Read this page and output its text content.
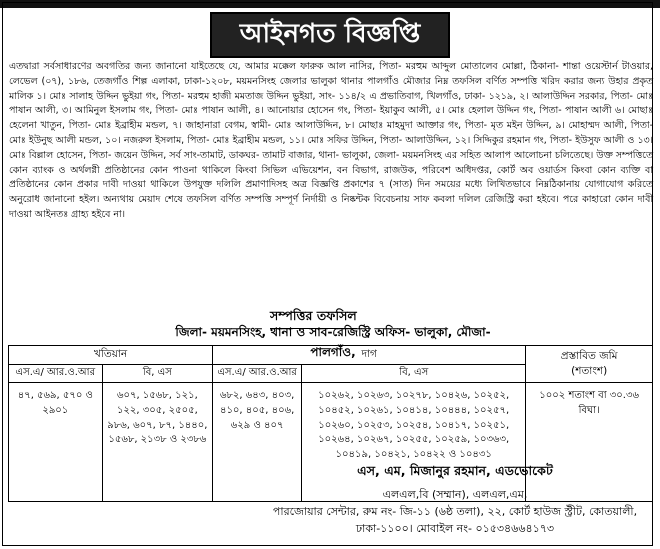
আইনগত বিজ্ঞপ্তি
এতদ্বারা সর্বসাধারণের অবগতির জন্য জানানো যাইতেছে যে, আমার মক্কেল ফারুক আল নাসির, পিতা- মরহুম আব্দুল মোতালেব মোল্লা, ঠিকানা- শান্তা ওয়েস্টার্ন টাওয়ার, লেভেল (০৭), ১৮৬, তেজগাঁও শিল্প এলাকা, ঢাকা-১২০৮, ময়মনসিংহ জেলার ভালুকা থানার পালগাঁও মৌজার নিম্ন তফসিল বর্ণিত সম্পত্তি খরিদ করার জন্য উহার প্রকৃত মালিক ১। মোঃ সালাহ উদ্দিন ভুইয়া গং, পিতা- মরহুম হাজী মমতাজ উদ্দিন ভুইয়া, সাং- ১১৪/২ এ প্রভাতিবাগ, খিলগাঁও, ঢাকা- ১২১৯, ২। আলাউদ্দিন সরকার, পিতা- মোঃ পাষান আলী, ৩। আমিনুল ইসলাম গং, পিতা- মোঃ পাষান আলী, ৪। আনোয়ার হোসেন গং, পিতা- ইয়াকুব আলী, ৫। মোঃ হেলাল উদ্দিন গং, পিতা- পাষান আলী ৬। মোছাঃ হেলেনা খাতুন, পিতা- মোঃ ইব্রাহীম মন্ডল, ৭। জাহানারা বেগম, স্বামী- মোঃ আলাউদ্দিন, ৮। মোছাঃ মাহমুদা আক্তার গং, পিতা- মৃত মইন উদ্দিন, ৯। মোহাম্মদ আলী, পিতা- মোঃ ইউনুছ আলী মন্ডল, ১০। নজরুল ইসলাম, পিতা- মোঃ ইব্রাহীম মন্ডল, ১১। মোঃ সফির উদ্দিন, পিতা- আলাউদ্দিন, ১২। সিদ্দিকুর রহমান গং, পিতা- ইউসুফ আলী ও ১৩। মোঃ বিল্লাল হোসেন, পিতা- জয়েন উদ্দিন, সর্ব সাং-তামাট, ডাকঘর- তামাট বাজার, থানা- ভালুকা, জেলা- ময়মনসিংহ এর সহিত আলাপ আলোচনা চলিতেছে। উক্ত সম্পত্তিতে কোন ব্যাংক ও অর্থলগ্নী প্রতিষ্ঠানের কোন পাওনা থাকিলে কিংবা সিভিল এভিয়েশন, বন বিভাগ, রাজউক, পরিবেশ অধিদপ্তর, কোর্ট অব ওয়ার্ডস কিংবা কোন ব্যক্তি বা প্রতিষ্ঠানের কোন প্রকার দাবী দাওয়া থাকিলে উপযুক্ত দলিলি প্রমাণাদিসহ অত্র বিজ্ঞপ্তি প্রকাশের ৭ (সাত) দিন সময়ের মধ্যে লিখিতভাবে নিম্নঠিকানায় যোগাযোগ করিতে অনুরোধ জানানো হইল। অন্যথায় মেয়াদ শেষে তফসিল বর্ণিত সম্পত্তি সম্পূর্ণ নির্দায়ী ও নিষ্কন্টক বিবেচনায় সাফ কবলা দলিল রেজিস্ট্রি করা হইবে। পরে কাহারো কোন দাবী দাওয়া আইনতঃ গ্রাহ্য হইবে না।
সম্পত্তির তফসিল
জিলা- ময়মনসিংহ, থানা ও সাব-রেজিস্ট্রি অফিস- ভালুকা, মৌজা- পালগাঁও,
খতিয়ান		দাগ		প্রস্তাবিত জমি
(শতাংশ)
এস.এ/ আর.ও.আর	বি, এস	এস.এ/ আর.ও.আর	বি, এস	
৪৭, ৫৬৯, ৫৭০ ও ২৯০১	৬০৭, ১৫৬৮, ১২১, ১২২, ৩০৫, ২৫০৫, ৯৮৬, ৬০৭, ৮৭, ১৪৪০, ১৫৬৮, ২১৩৮ ও ২৩৮৬	৬৮২, ৬৪৩, ৪০৩, ৪১০, ৪০৫, ৪০৬, ৬২৯ ও ৪০৭	১০২৬২, ১০২৬৩, ১০২৭৮, ১০৪২৬, ১০২৫২, ১০৪৫২, ১০২৬১, ১০৪১৪, ১০৪৪৪, ১০২৫৭, ১০২৬০, ১০২৫৩, ১০২৫৪, ১০৪১৭, ১০২৫১, ১০২৬৪, ১০২৬৭, ১০২৫৫, ১০২৫৯, ১০৩৬৩, ১০৪১৯, ১০৪২১, ১০৪২২ ও ১০৪৩১	১০০২ শতাংশ বা ৩০.৩৬ বিঘা।
এস, এম, মিজানুর রহমান, এডভোকেট
এলএল,বি (সম্মান), এলএল,এম,
পারজোয়ার সেন্টার, রুম নং- জি-১১ (৬ষ্ঠ তলা), ২২, কোর্ট হাউজ স্ট্রীট, কোতয়ালী,
ঢাকা-১১০০। মোবাইল নং- ০১৫৩৪৬৬৪১৭৩
